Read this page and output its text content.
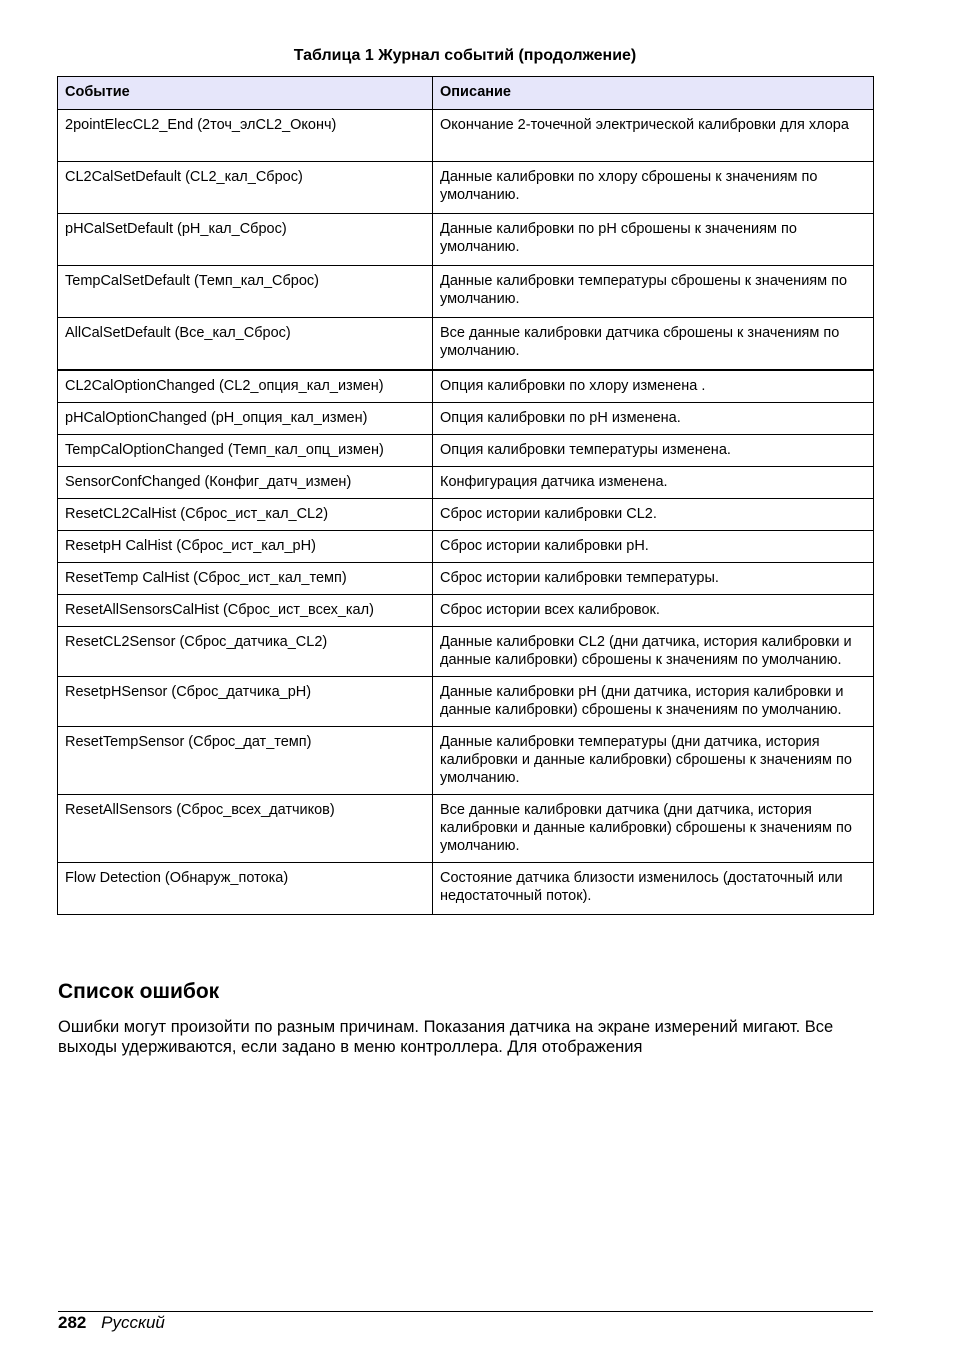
Таблица 1 Журнал событий (продолжение)
Событие	Описание
2pointElecCL2_End (2точ_элCL2_Оконч)	Окончание 2-точечной электрической калибровки для хлора
CL2CalSetDefault (CL2_кал_Сброс)	Данные калибровки по хлору сброшены к значениям по умолчанию.
pHCalSetDefault (pH_кал_Сброс)	Данные калибровки по pH сброшены к значениям по умолчанию.
TempCalSetDefault (Темп_кал_Сброс)	Данные калибровки температуры сброшены к значениям по умолчанию.
AllCalSetDefault (Все_кал_Сброс)	Все данные калибровки датчика сброшены к значениям по умолчанию.
CL2CalOptionChanged (CL2_опция_кал_измен)	Опция калибровки по хлору изменена .
pHCalOptionChanged (pH_опция_кал_измен)	Опция калибровки по pH изменена.
TempCalOptionChanged (Темп_кал_опц_измен)	Опция калибровки температуры изменена.
SensorConfChanged (Конфиг_датч_измен)	Конфигурация датчика изменена.
ResetCL2CalHist (Сброс_ист_кал_CL2)	Сброс истории калибровки CL2.
ResetpH CalHist (Сброс_ист_кал_pH)	Сброс истории калибровки pH.
ResetTemp CalHist (Сброс_ист_кал_темп)	Сброс истории калибровки температуры.
ResetAllSensorsCalHist (Сброс_ист_всех_кал)	Сброс истории всех калибровок.
ResetCL2Sensor (Сброс_датчика_CL2)	Данные калибровки CL2 (дни датчика, история калибровки и данные калибровки) сброшены к значениям по умолчанию.
ResetpHSensor (Сброс_датчика_pH)	Данные калибровки pH (дни датчика, история калибровки и данные калибровки) сброшены к значениям по умолчанию.
ResetTempSensor (Сброс_дат_темп)	Данные калибровки температуры (дни датчика, история калибровки и данные калибровки) сброшены к значениям по умолчанию.
ResetAllSensors (Сброс_всех_датчиков)	Все данные калибровки датчика (дни датчика, история калибровки и данные калибровки) сброшены к значениям по умолчанию.
Flow Detection (Обнаруж_потока)	Состояние датчика близости изменилось (достаточный или недостаточный поток).
Список ошибок
Ошибки могут произойти по разным причинам. Показания датчика на экране измерений мигают. Все выходы удерживаются, если задано в меню контроллера. Для отображения
282 Русский
